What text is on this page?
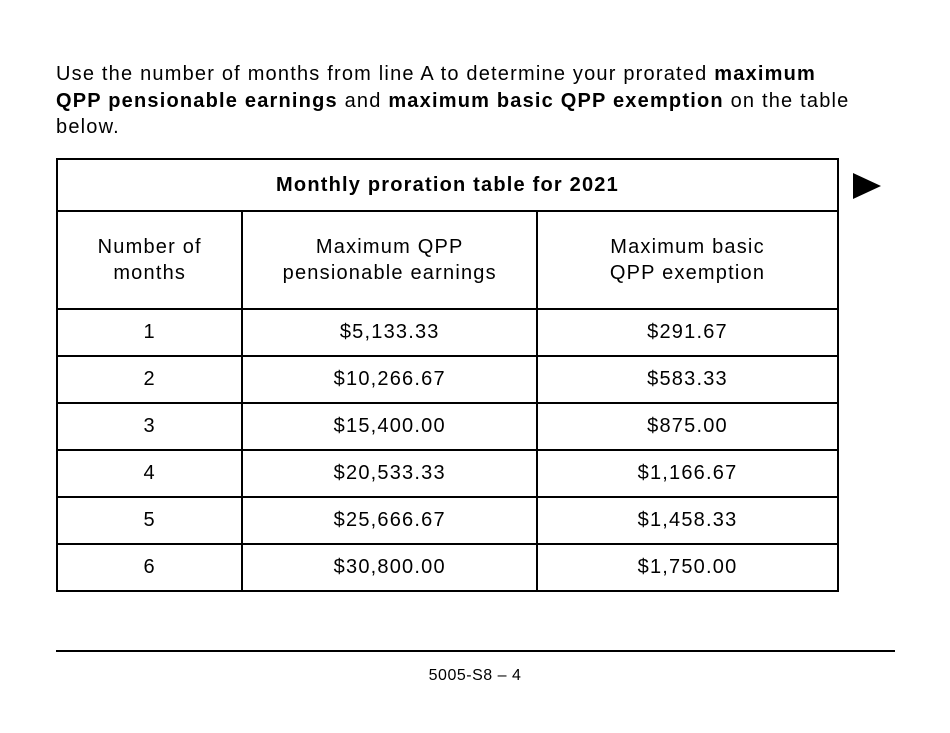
Use the number of months from line A to determine your prorated maximum QPP pensionable earnings and maximum basic QPP exemption on the table below.

Monthly proration table for 2021		

Number of months	Maximum QPP pensionable earnings	Maximum basic QPP exemption

1	$5,133.33	$291.67
2	$10,266.67	$583.33
3	$15,400.00	$875.00
4	$20,533.33	$1,166.67
5	$25,666.67	$1,458.33
6	$30,800.00	$1,750.00
5005-S8 – 4
